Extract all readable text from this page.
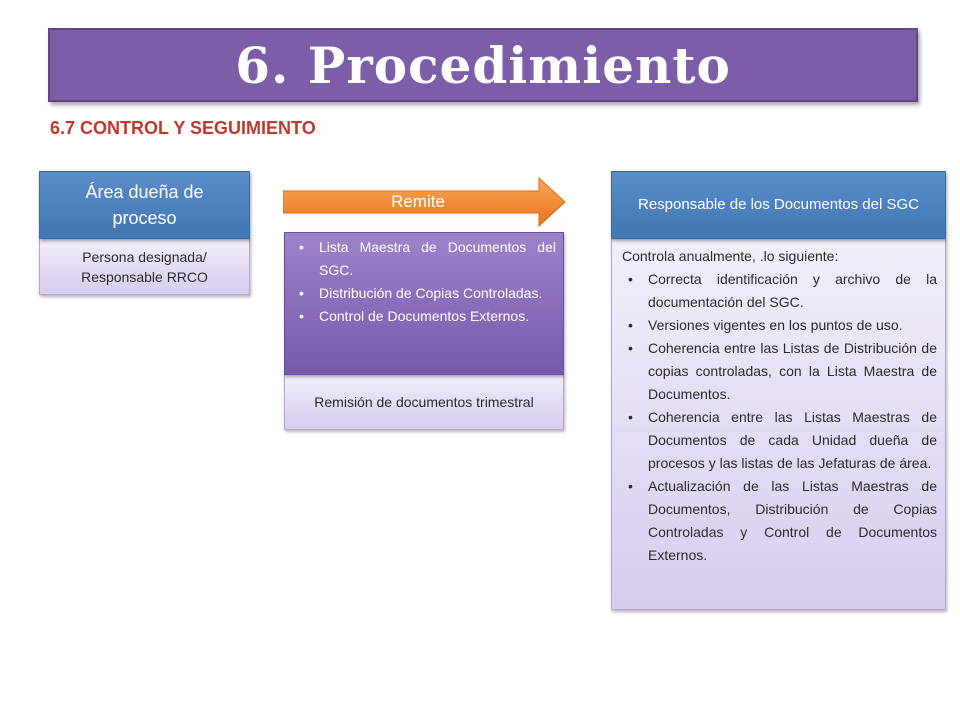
6. Procedimiento
6.7 CONTROL Y SEGUIMIENTO
Persona designada/ Responsable RRCO
Área dueña de proceso
Remite
Remisión de documentos trimestral
• Lista Maestra de Documentos del SGC.
• Distribución de Copias Controladas.
• Control de Documentos Externos.
Controla anualmente, .lo siguiente:
• Correcta identificación y archivo de la documentación del SGC.
• Versiones vigentes en los puntos de uso.
• Coherencia entre las Listas de Distribución de copias controladas, con la Lista Maestra de Documentos.
• Coherencia entre las Listas Maestras de Documentos de cada Unidad dueña de procesos y las listas de las Jefaturas de área.
• Actualización de las Listas Maestras de Documentos, Distribución de Copias Controladas y Control de Documentos Externos.
Responsable de los Documentos del SGC
